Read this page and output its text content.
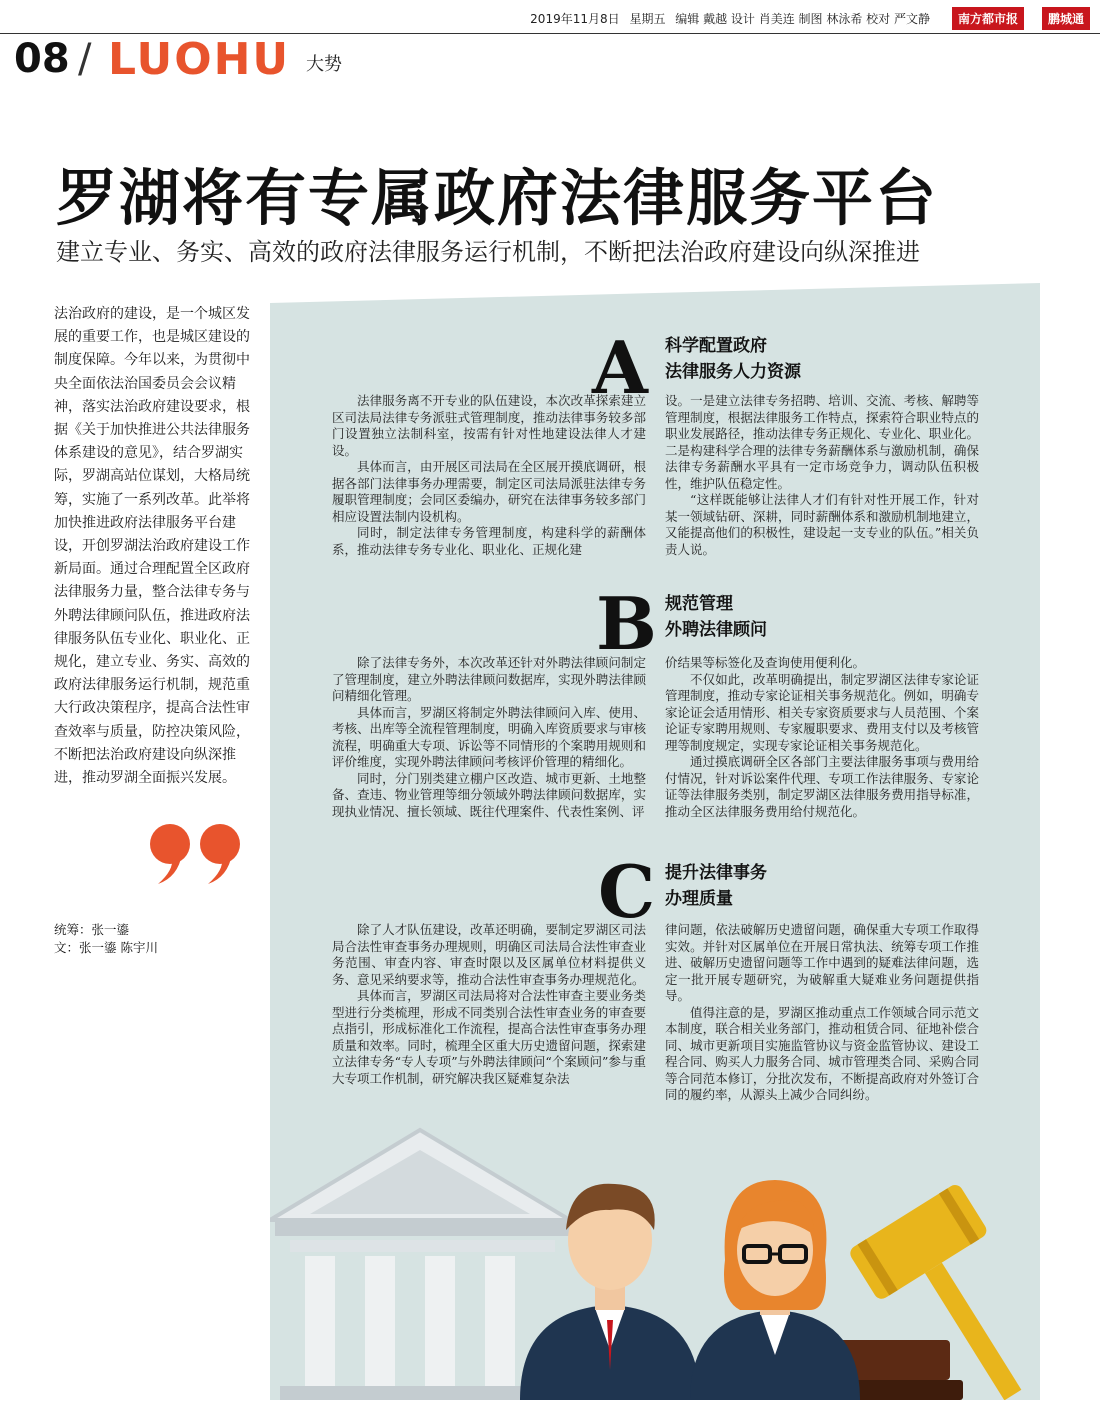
2019年11月8日 星期五 编辑 戴越 设计 肖美连 制图 林泳希 校对 严文静	南方都市报	鹏城通
08 / LUOHU 大势
罗湖将有专属政府法律服务平台
建立专业、务实、高效的政府法律服务运行机制，不断把法治政府建设向纵深推进

法治政府的建设，是一个城区发展的重要工作，也是城区建设的制度保障。今年以来，为贯彻中央全面依法治国委员会会议精神，落实法治政府建设要求，根据《关于加快推进公共法律服务体系建设的意见》，结合罗湖实际，罗湖高站位谋划，大格局统筹，实施了一系列改革。此举将加快推进政府法律服务平台建设，开创罗湖法治政府建设工作新局面。通过合理配置全区政府法律服务力量，整合法律专务与外聘法律顾问队伍，推进政府法律服务队伍专业化、职业化、正规化，建立专业、务实、高效的政府法律服务运行机制，规范重大行政决策程序，提高合法性审查效率与质量，防控决策风险，不断把法治政府建设向纵深推进，推动罗湖全面振兴发展。

统筹：张一鎏
文：张一鎏 陈宇川
A 科学配置政府
法律服务人力资源

法律服务离不开专业的队伍建设，本次改革探索建立区司法局法律专务派驻式管理制度，推动法律事务较多部门设置独立法制科室，按需有针对性地建设法律人才建设。

具体而言，由开展区司法局在全区展开摸底调研，根据各部门法律事务办理需要，制定区司法局派驻法律专务履职管理制度；会同区委编办，研究在法律事务较多部门相应设置法制内设机构。

同时，制定法律专务管理制度，构建科学的薪酬体系，推动法律专务专业化、职业化、正规化建

设。一是建立法律专务招聘、培训、交流、考核、解聘等管理制度，根据法律服务工作特点，探索符合职业特点的职业发展路径，推动法律专务正规化、专业化、职业化。二是构建科学合理的法律专务薪酬体系与激励机制，确保法律专务薪酬水平具有一定市场竞争力，调动队伍积极性，维护队伍稳定性。

“这样既能够让法律人才们有针对性开展工作，针对某一领域钻研、深耕，同时薪酬体系和激励机制地建立，又能提高他们的积极性，建设起一支专业的队伍。”相关负责人说。

B 规范管理
外聘法律顾问

除了法律专务外，本次改革还针对外聘法律顾问制定了管理制度，建立外聘法律顾问数据库，实现外聘法律顾问精细化管理。

具体而言，罗湖区将制定外聘法律顾问入库、使用、考核、出库等全流程管理制度，明确入库资质要求与审核流程，明确重大专项、诉讼等不同情形的个案聘用规则和评价维度，实现外聘法律顾问考核评价管理的精细化。

同时，分门别类建立棚户区改造、城市更新、土地整备、查违、物业管理等细分领域外聘法律顾问数据库，实现执业情况、擅长领域、既往代理案件、代表性案例、评

价结果等标签化及查询使用便利化。

不仅如此，改革明确提出，制定罗湖区法律专家论证管理制度，推动专家论证相关事务规范化。例如，明确专家论证会适用情形、相关专家资质要求与人员范围、个案论证专家聘用规则、专家履职要求、费用支付以及考核管理等制度规定，实现专家论证相关事务规范化。

通过摸底调研全区各部门主要法律服务事项与费用给付情况，针对诉讼案件代理、专项工作法律服务、专家论证等法律服务类别，制定罗湖区法律服务费用指导标准，推动全区法律服务费用给付规范化。

C 提升法律事务
办理质量

除了人才队伍建设，改革还明确，要制定罗湖区司法局合法性审查事务办理规则，明确区司法局合法性审查业务范围、审查内容、审查时限以及区属单位材料提供义务、意见采纳要求等，推动合法性审查事务办理规范化。

具体而言，罗湖区司法局将对合法性审查主要业务类型进行分类梳理，形成不同类别合法性审查业务的审查要点指引，形成标准化工作流程，提高合法性审查事务办理质量和效率。同时，梳理全区重大历史遗留问题，探索建立法律专务“专人专项”与外聘法律顾问“个案顾问”参与重大专项工作机制，研究解决我区疑难复杂法

律问题，依法破解历史遗留问题，确保重大专项工作取得实效。并针对区属单位在开展日常执法、统筹专项工作推进、破解历史遗留问题等工作中遇到的疑难法律问题，选定一批开展专题研究，为破解重大疑难业务问题提供指导。

值得注意的是，罗湖区推动重点工作领域合同示范文本制度，联合相关业务部门，推动租赁合同、征地补偿合同、城市更新项目实施监管协议与资金监管协议、建设工程合同、购买人力服务合同、城市管理类合同、采购合同等合同范本修订，分批次发布，不断提高政府对外签订合同的履约率，从源头上减少合同纠纷。
